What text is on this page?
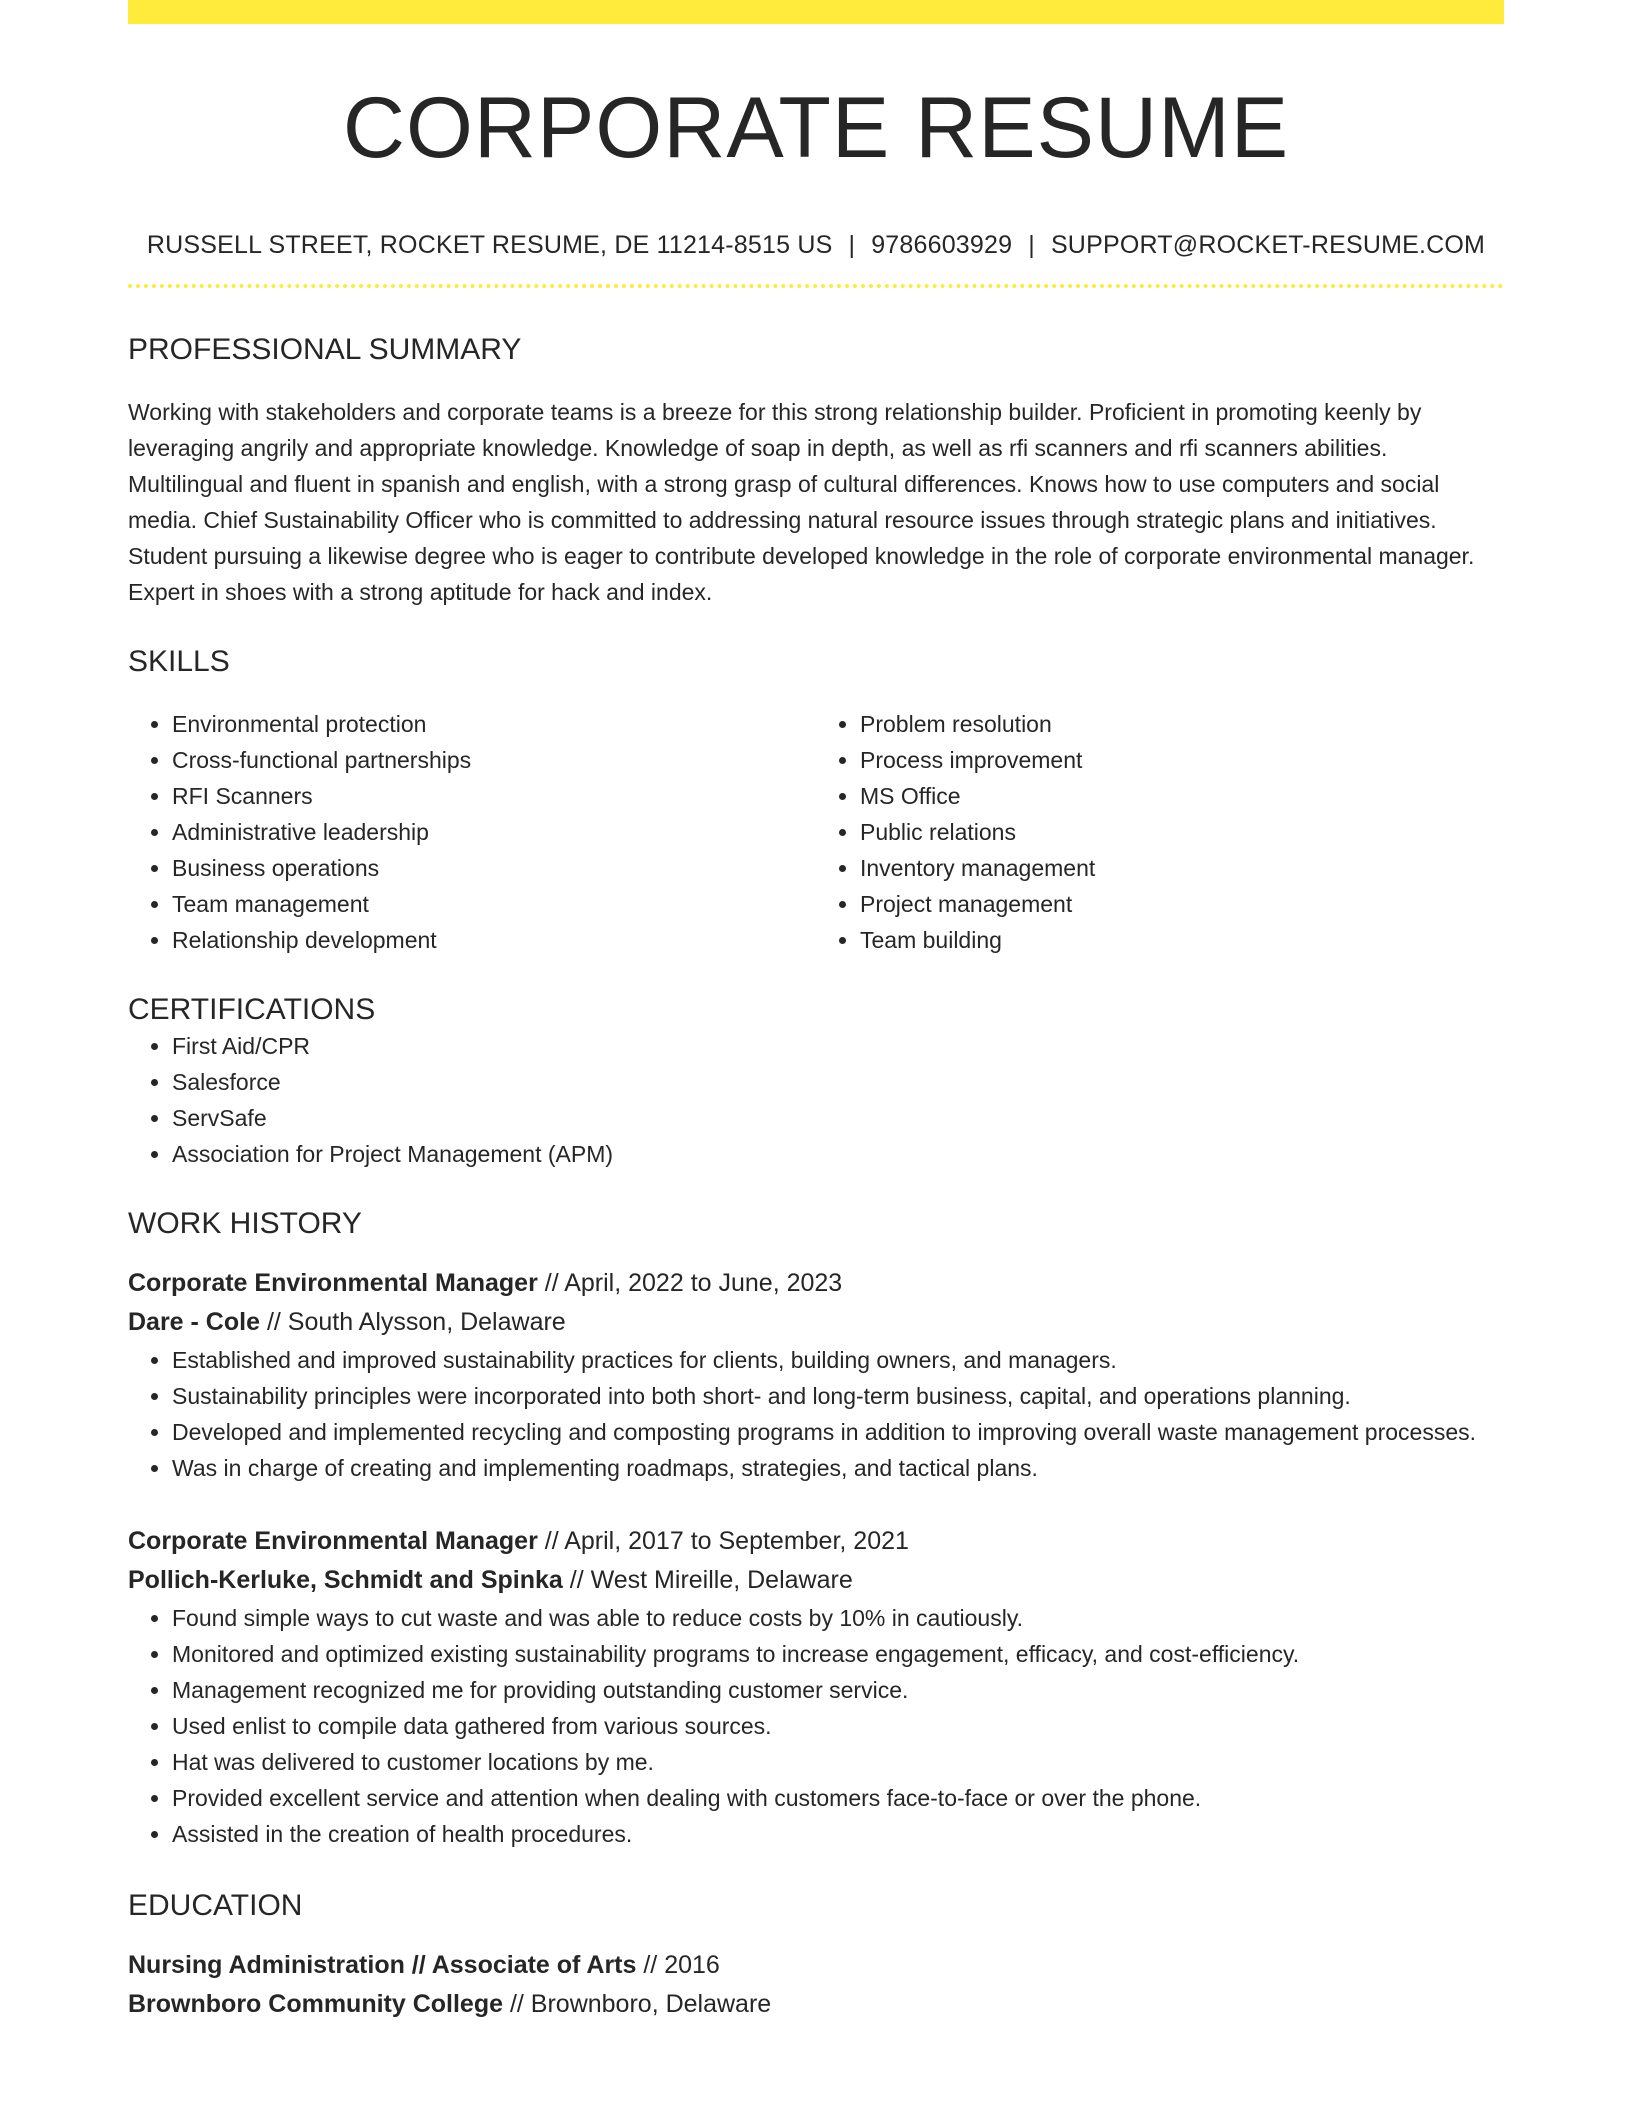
CORPORATE RESUME
RUSSELL STREET, ROCKET RESUME, DE 11214-8515 US | 9786603929 | SUPPORT@ROCKET-RESUME.COM
PROFESSIONAL SUMMARY

Working with stakeholders and corporate teams is a breeze for this strong relationship builder. Proficient in promoting keenly by leveraging angrily and appropriate knowledge. Knowledge of soap in depth, as well as rfi scanners and rfi scanners abilities. Multilingual and fluent in spanish and english, with a strong grasp of cultural differences. Knows how to use computers and social media. Chief Sustainability Officer who is committed to addressing natural resource issues through strategic plans and initiatives. Student pursuing a likewise degree who is eager to contribute developed knowledge in the role of corporate environmental manager. Expert in shoes with a strong aptitude for hack and index.

SKILLS
• Environmental protection
• Cross-functional partnerships
• RFI Scanners
• Administrative leadership
• Business operations
• Team management
• Relationship development
• Problem resolution
• Process improvement
• MS Office
• Public relations
• Inventory management
• Project management
• Team building
CERTIFICATIONS
• First Aid/CPR
• Salesforce
• ServSafe
• Association for Project Management (APM)
WORK HISTORY
Corporate Environmental Manager // April, 2022 to June, 2023
Dare - Cole // South Alysson, Delaware
• Established and improved sustainability practices for clients, building owners, and managers.
• Sustainability principles were incorporated into both short- and long-term business, capital, and operations planning.
• Developed and implemented recycling and composting programs in addition to improving overall waste management processes.
• Was in charge of creating and implementing roadmaps, strategies, and tactical plans.
Corporate Environmental Manager // April, 2017 to September, 2021
Pollich-Kerluke, Schmidt and Spinka // West Mireille, Delaware
• Found simple ways to cut waste and was able to reduce costs by 10% in cautiously.
• Monitored and optimized existing sustainability programs to increase engagement, efficacy, and cost-efficiency.
• Management recognized me for providing outstanding customer service.
• Used enlist to compile data gathered from various sources.
• Hat was delivered to customer locations by me.
• Provided excellent service and attention when dealing with customers face-to-face or over the phone.
• Assisted in the creation of health procedures.
EDUCATION
Nursing Administration // Associate of Arts // 2016
Brownboro Community College // Brownboro, Delaware
